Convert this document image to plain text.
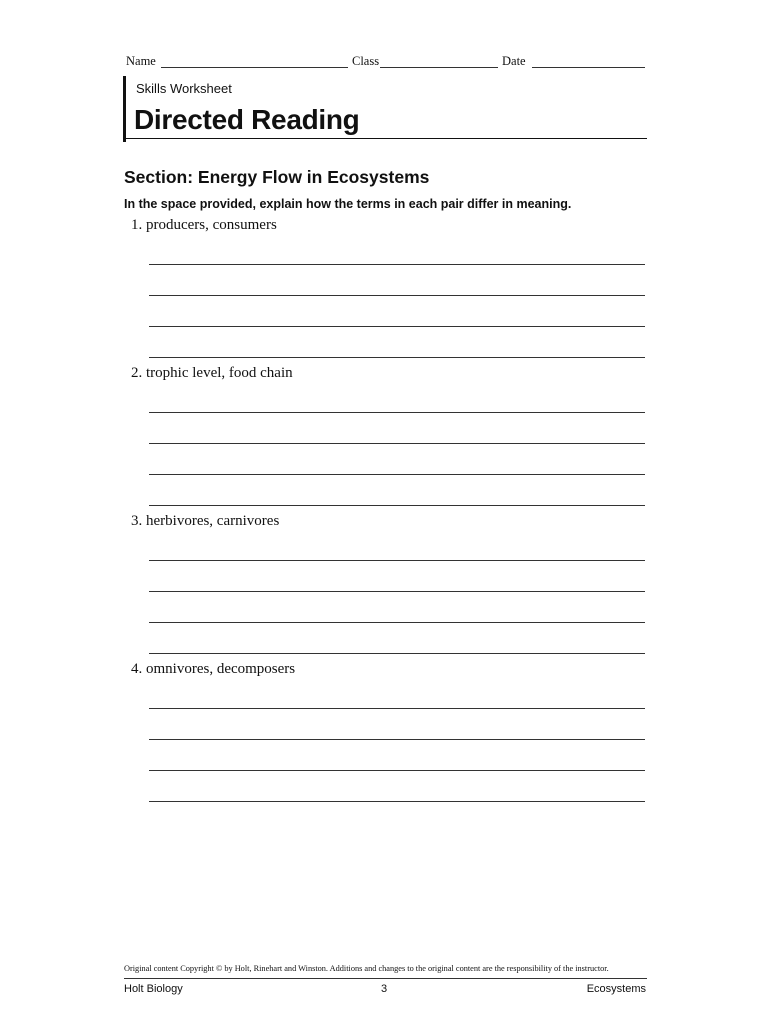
Name	Class	Date
Skills Worksheet
Directed Reading
Section: Energy Flow in Ecosystems
In the space provided, explain how the terms in each pair differ in meaning.
1. producers, consumers
2. trophic level, food chain
3. herbivores, carnivores
4. omnivores, decomposers
Original content Copyright © by Holt, Rinehart and Winston. Additions and changes to the original content are the responsibility of the instructor.
Holt Biology	3	Ecosystems
